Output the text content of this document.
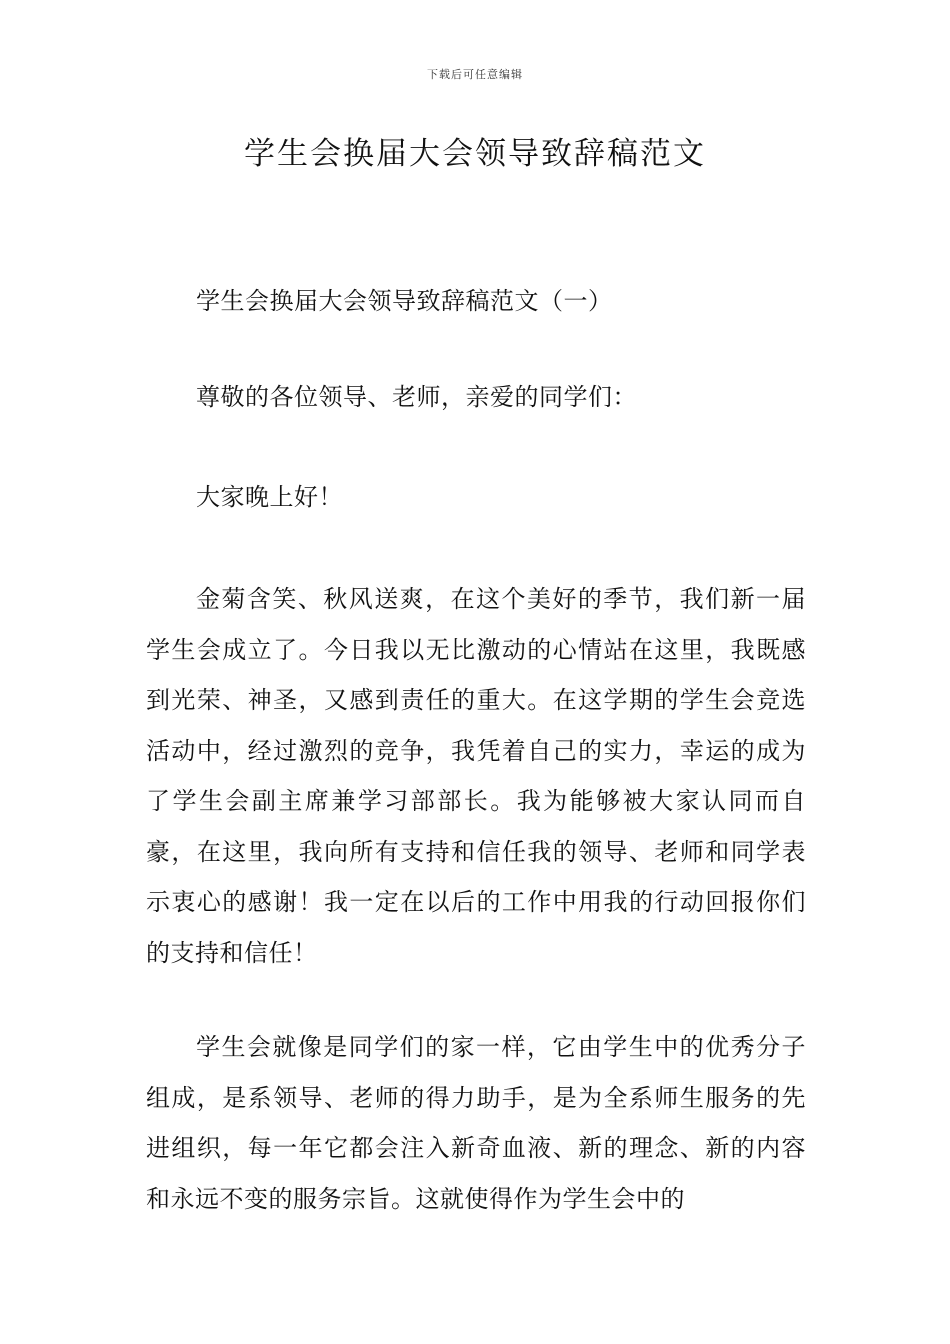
下载后可任意编辑
学生会换届大会领导致辞稿范文
学生会换届大会领导致辞稿范文（一）
尊敬的各位领导、老师，亲爱的同学们：
大家晚上好！
金菊含笑、秋风送爽，在这个美好的季节，我们新一届学生会成立了。今日我以无比激动的心情站在这里，我既感到光荣、神圣，又感到责任的重大。在这学期的学生会竞选活动中，经过激烈的竞争，我凭着自己的实力，幸运的成为了学生会副主席兼学习部部长。我为能够被大家认同而自豪，在这里，我向所有支持和信任我的领导、老师和同学表示衷心的感谢！我一定在以后的工作中用我的行动回报你们的支持和信任！
学生会就像是同学们的家一样，它由学生中的优秀分子组成，是系领导、老师的得力助手，是为全系师生服务的先进组织，每一年它都会注入新奇血液、新的理念、新的内容和永远不变的服务宗旨。这就使得作为学生会中的
